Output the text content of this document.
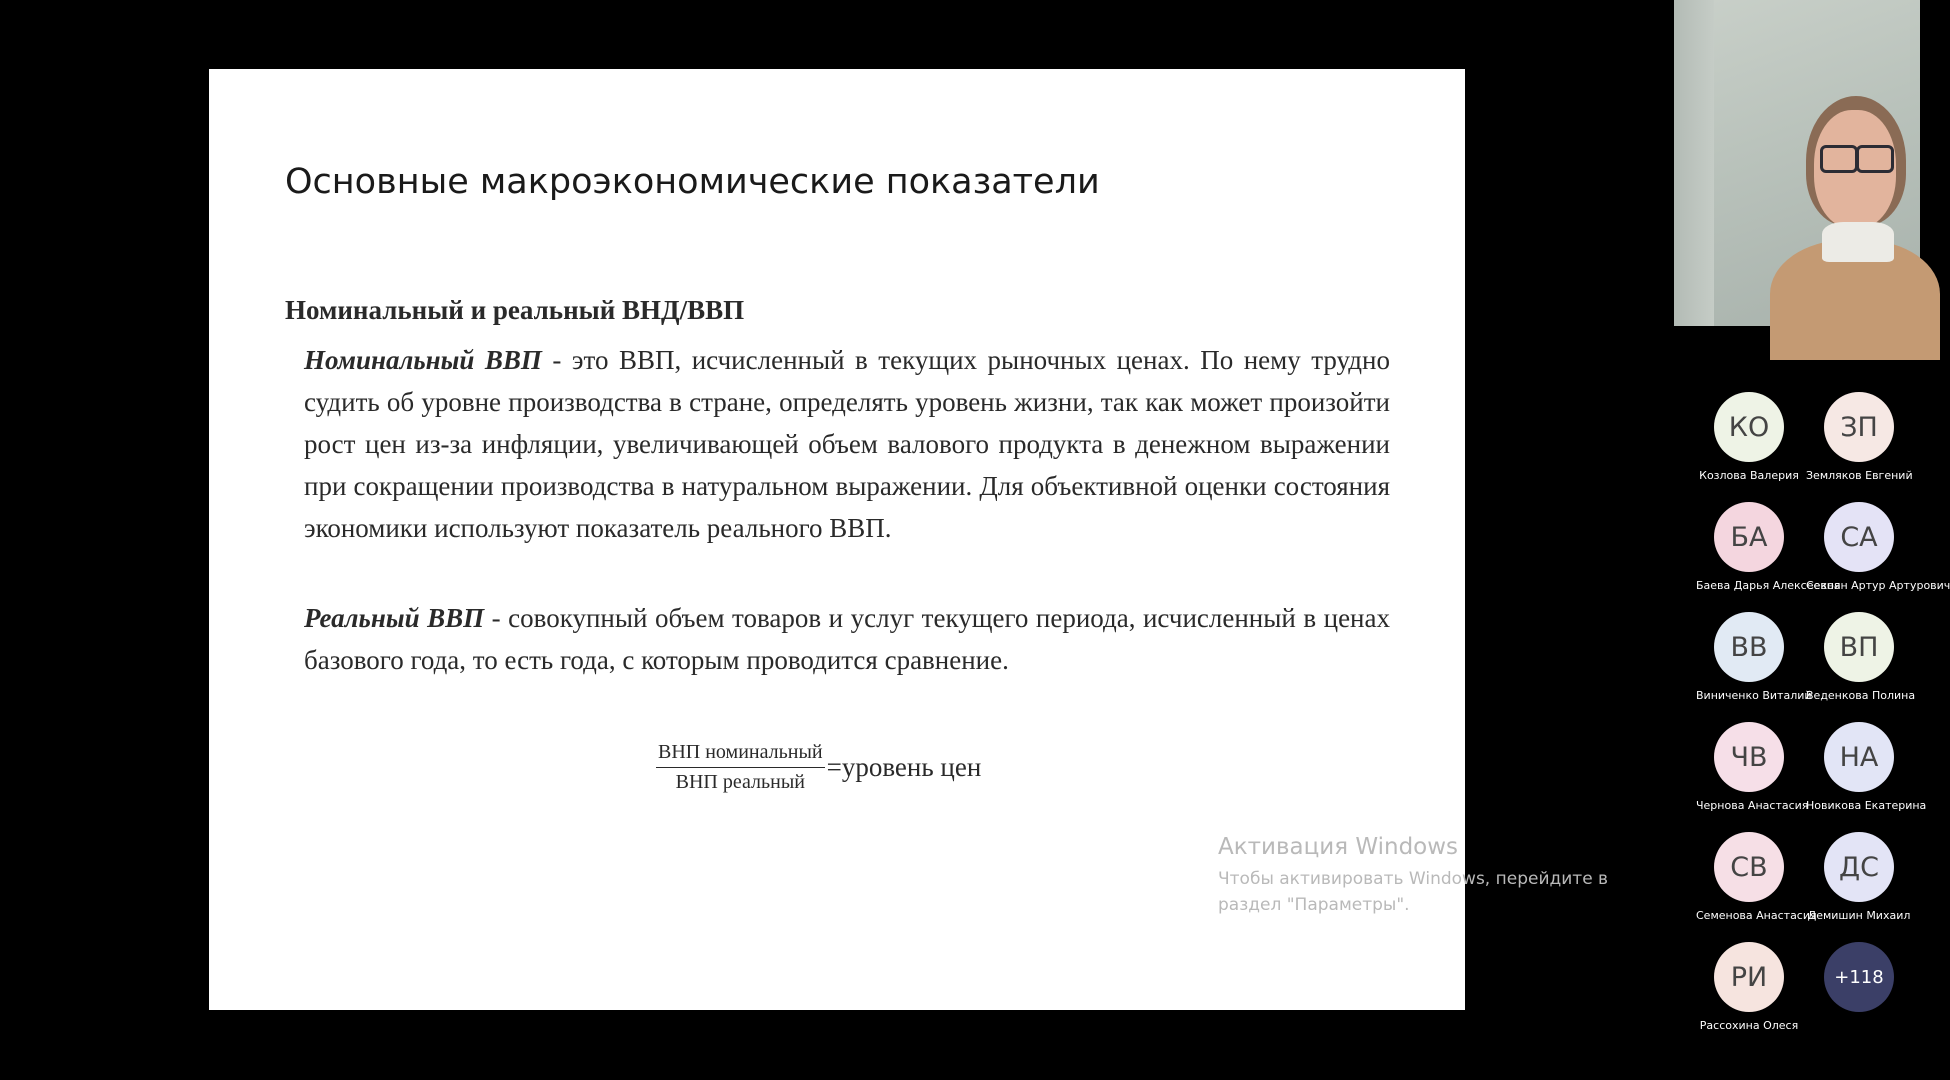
Основные макроэкономические показатели
Номинальный и реальный ВНД/ВВП

Номинальный ВВП - это ВВП, исчисленный в текущих рыночных ценах. По нему трудно судить об уровне производства в стране, определять уровень жизни, так как может произойти рост цен из-за инфляции, увеличивающей объем валового продукта в денежном выражении при сокращении производства в натуральном выражении. Для объективной оценки состояния экономики используют показатель реального ВВП.

Реальный ВВП - совокупный объем товаров и услуг текущего периода, исчисленный в ценах базового года, то есть года, с которым проводится сравнение.

$\frac{\text{ВНП номинальный}}{\text{ВНП реальный}}$ =уровень цен
Активация Windows
Чтобы активировать Windows, перейдите в раздел "Параметры".
КО
Козлова Валерия
ЗП
Земляков Евгений
БА
Баева Дарья Алексеевна
СА
Секоян Артур Артурович
ВВ
Виниченко Виталий
ВП
Веденкова Полина
ЧВ
Чернова Анастасия
НА
Новикова Екатерина
СВ
Семенова Анастасия
ДС
Демишин Михаил
РИ
Рассохина Олеся
+118
